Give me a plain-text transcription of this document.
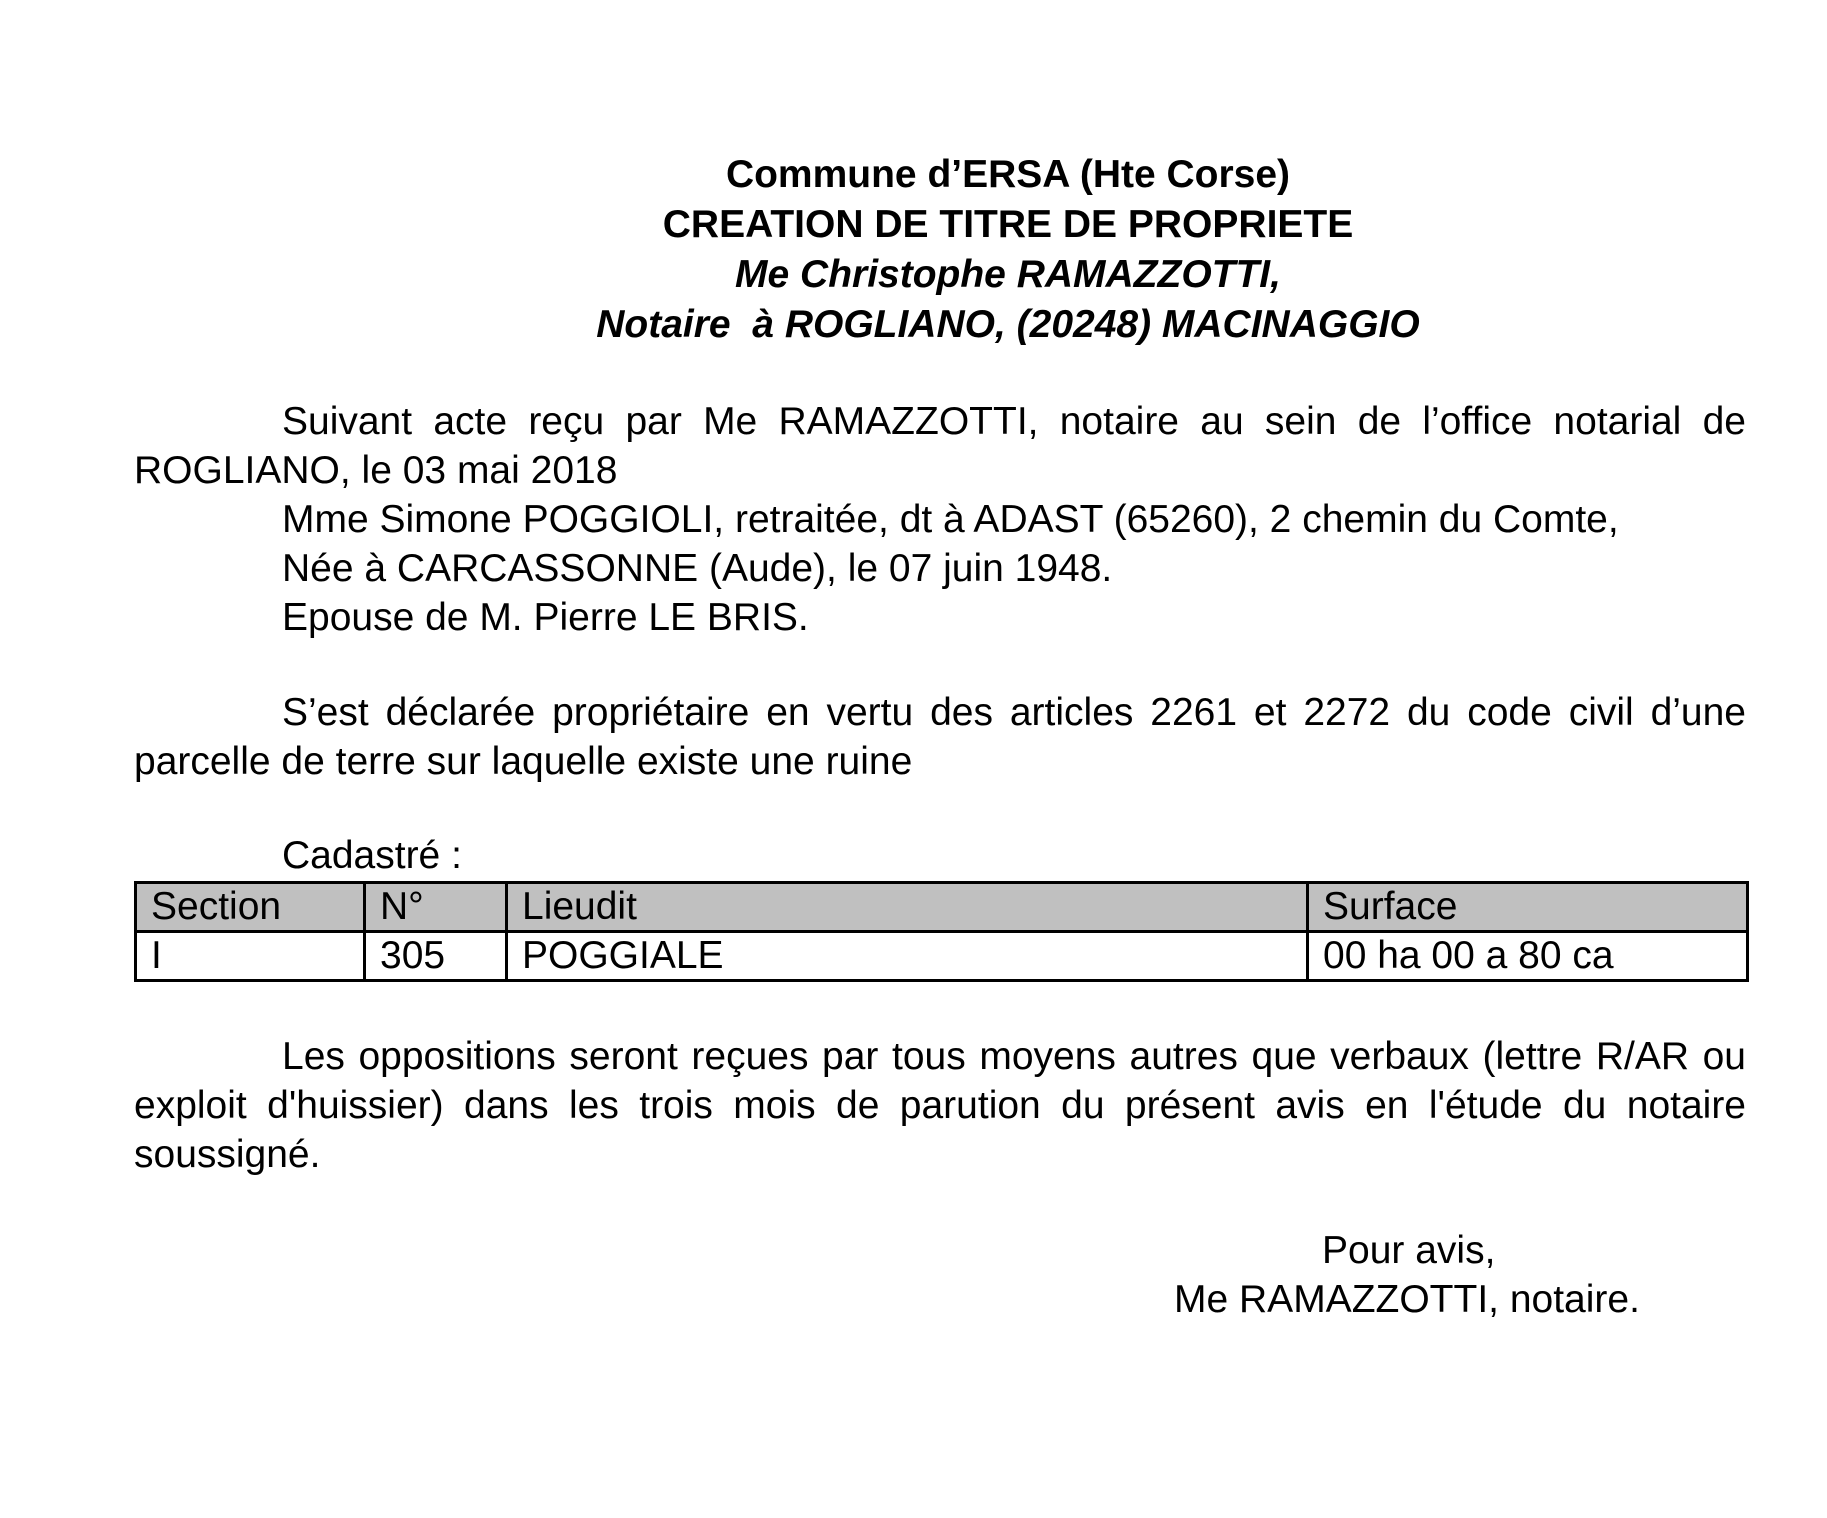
Commune d’ERSA (Hte Corse)
CREATION DE TITRE DE PROPRIETE
Me Christophe RAMAZZOTTI,
Notaire  à ROGLIANO, (20248) MACINAGGIO

Suivant acte reçu par Me RAMAZZOTTI, notaire au sein de l’office notarial de ROGLIANO, le 03 mai 2018

Mme Simone POGGIOLI, retraitée, dt à ADAST (65260), 2 chemin du Comte,
Née à CARCASSONNE (Aude), le 07 juin 1948.
Epouse de M. Pierre LE BRIS.

S’est déclarée propriétaire en vertu des articles 2261 et 2272 du code civil d’une parcelle de terre sur laquelle existe une ruine

Cadastré :
Section	N°	Lieudit	Surface
I	305	POGGIALE	00 ha 00 a 80 ca

Les oppositions seront reçues par tous moyens autres que verbaux (lettre R/AR ou exploit d'huissier) dans les trois mois de parution du présent avis en l'étude du notaire soussigné.

Pour avis,
Me RAMAZZOTTI, notaire.
